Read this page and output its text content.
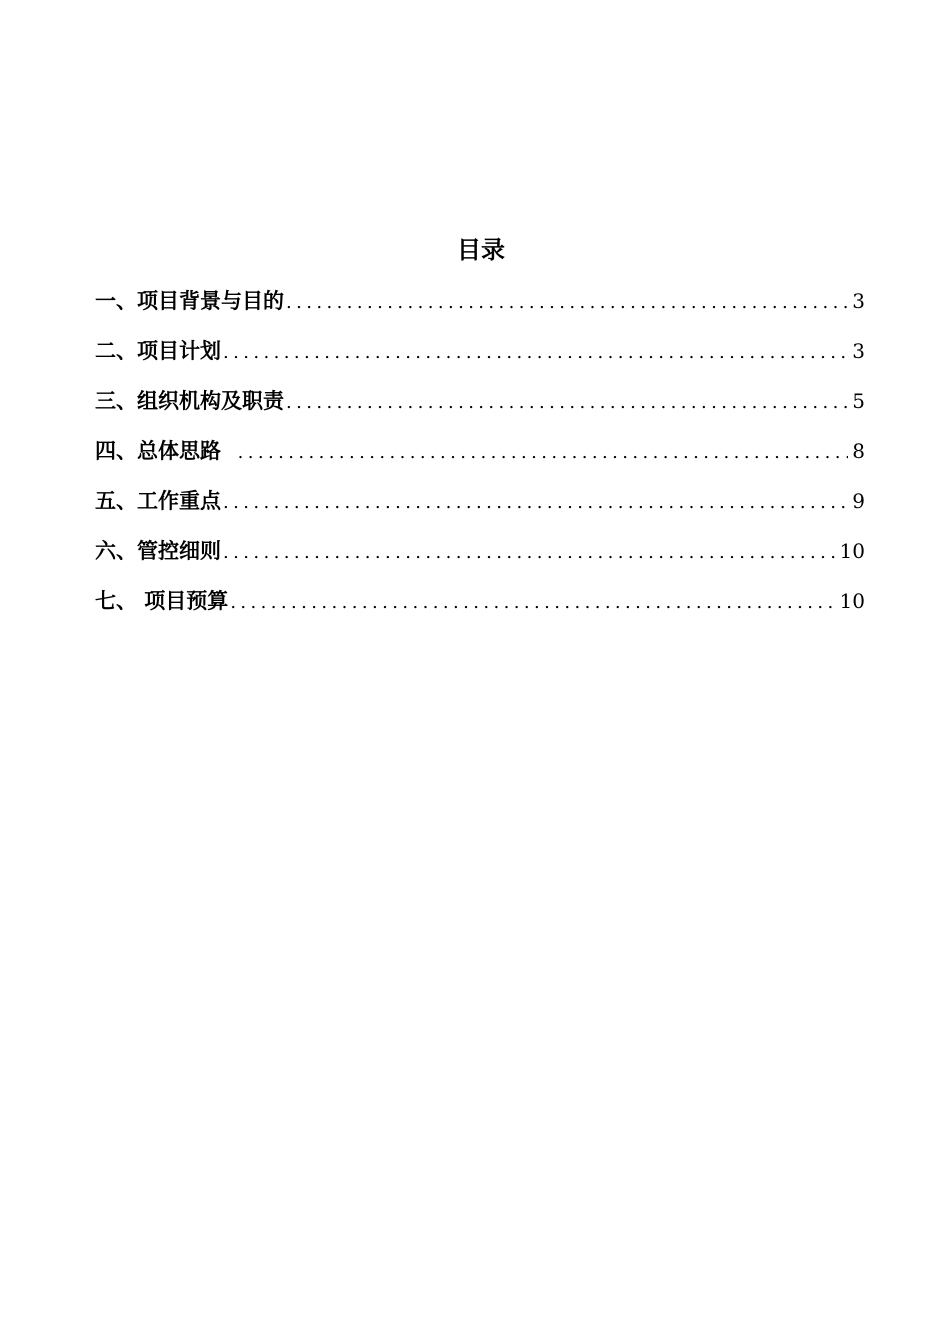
目录
一、项目背景与目的 .....	3
二、项目计划 .....	3
三、组织机构及职责 .....	5
四、总体思路 .....	8
五、工作重点 .....	9
六、管控细则 .....	10
七、 项目预算 .....	10
